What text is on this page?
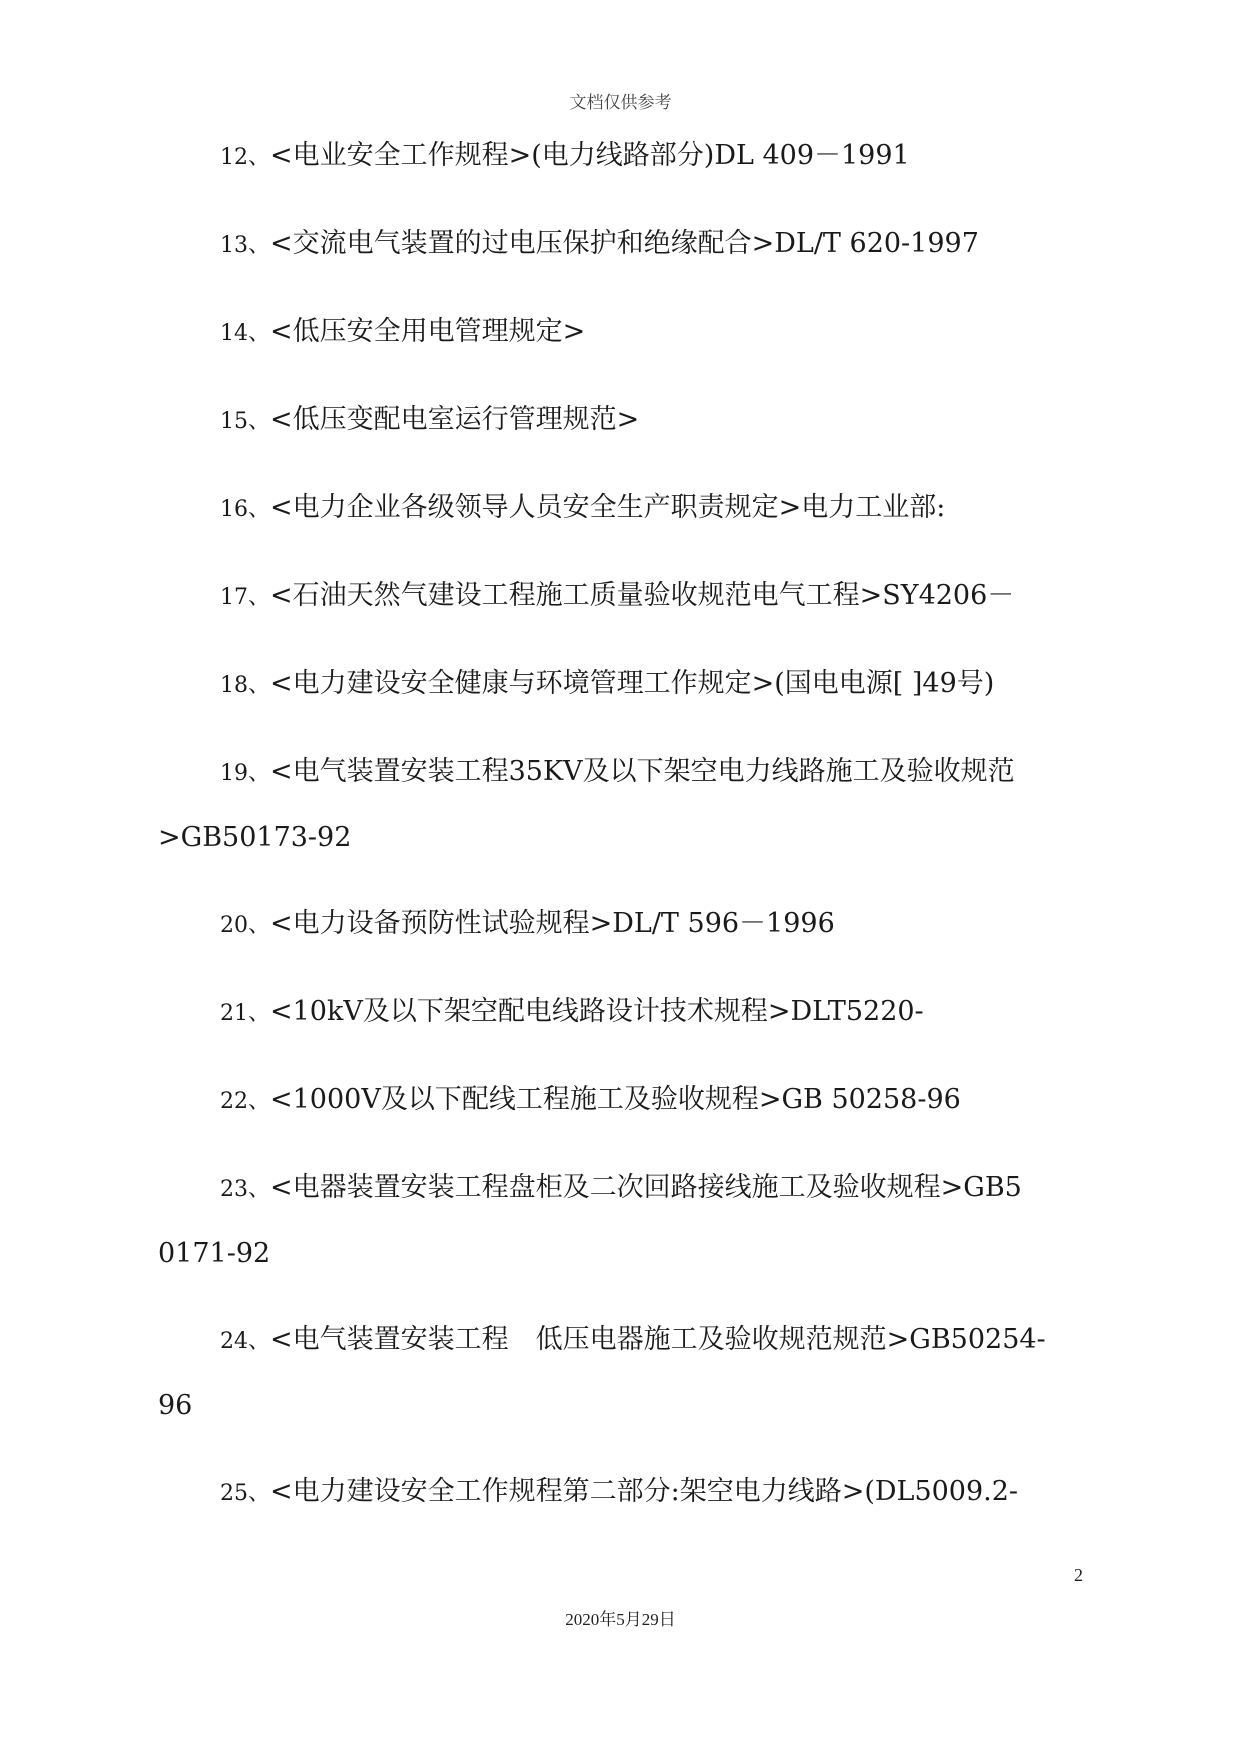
文档仅供参考

12、<电业安全工作规程>(电力线路部分)DL 409－1991

13、<交流电气装置的过电压保护和绝缘配合>DL/T 620-1997

14、<低压安全用电管理规定>

15、<低压变配电室运行管理规范>

16、<电力企业各级领导人员安全生产职责规定>电力工业部:

17、<石油天然气建设工程施工质量验收规范电气工程>SY4206－

18、<电力建设安全健康与环境管理工作规定>(国电电源[ ]49号)

19、<电气装置安装工程35KV及以下架空电力线路施工及验收规范

>GB50173-92

20、<电力设备预防性试验规程>DL/T 596－1996

21、<10kV及以下架空配电线路设计技术规程>DLT5220-

22、<1000V及以下配线工程施工及验收规程>GB 50258-96

23、<电器装置安装工程盘柜及二次回路接线施工及验收规程>GB5

0171-92

24、<电气装置安装工程　低压电器施工及验收规范规范>GB50254-

96

25、<电力建设安全工作规程第二部分:架空电力线路>(DL5009.2-

2
2020年5月29日
